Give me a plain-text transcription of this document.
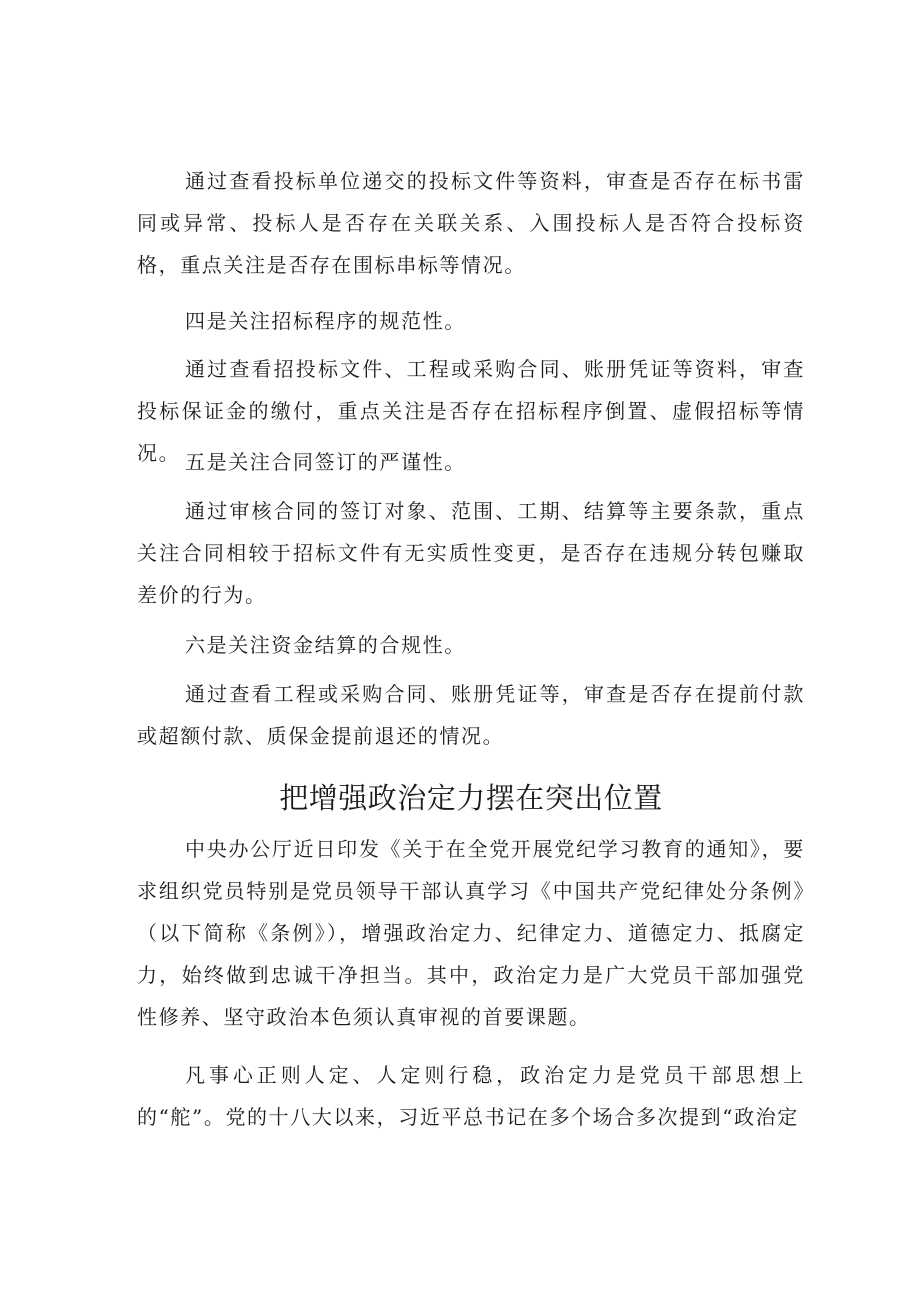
通过查看投标单位递交的投标文件等资料，审查是否存在标书雷同或异常、投标人是否存在关联关系、入围投标人是否符合投标资格，重点关注是否存在围标串标等情况。

四是关注招标程序的规范性。

通过查看招投标文件、工程或采购合同、账册凭证等资料，审查投标保证金的缴付，重点关注是否存在招标程序倒置、虚假招标等情况。 五是关注合同签订的严谨性。

通过审核合同的签订对象、范围、工期、结算等主要条款，重点关注合同相较于招标文件有无实质性变更，是否存在违规分转包赚取差价的行为。

六是关注资金结算的合规性。

通过查看工程或采购合同、账册凭证等，审查是否存在提前付款或超额付款、质保金提前退还的情况。

把增强政治定力摆在突出位置

中央办公厅近日印发《关于在全党开展党纪学习教育的通知》，要求组织党员特别是党员领导干部认真学习《中国共产党纪律处分条例》（以下简称《条例》），增强政治定力、纪律定力、道德定力、抵腐定力，始终做到忠诚干净担当。其中，政治定力是广大党员干部加强党性修养、坚守政治本色须认真审视的首要课题。

凡事心正则人定、人定则行稳，政治定力是党员干部思想上的“舵”。党的十八大以来，习近平总书记在多个场合多次提到“政治定
